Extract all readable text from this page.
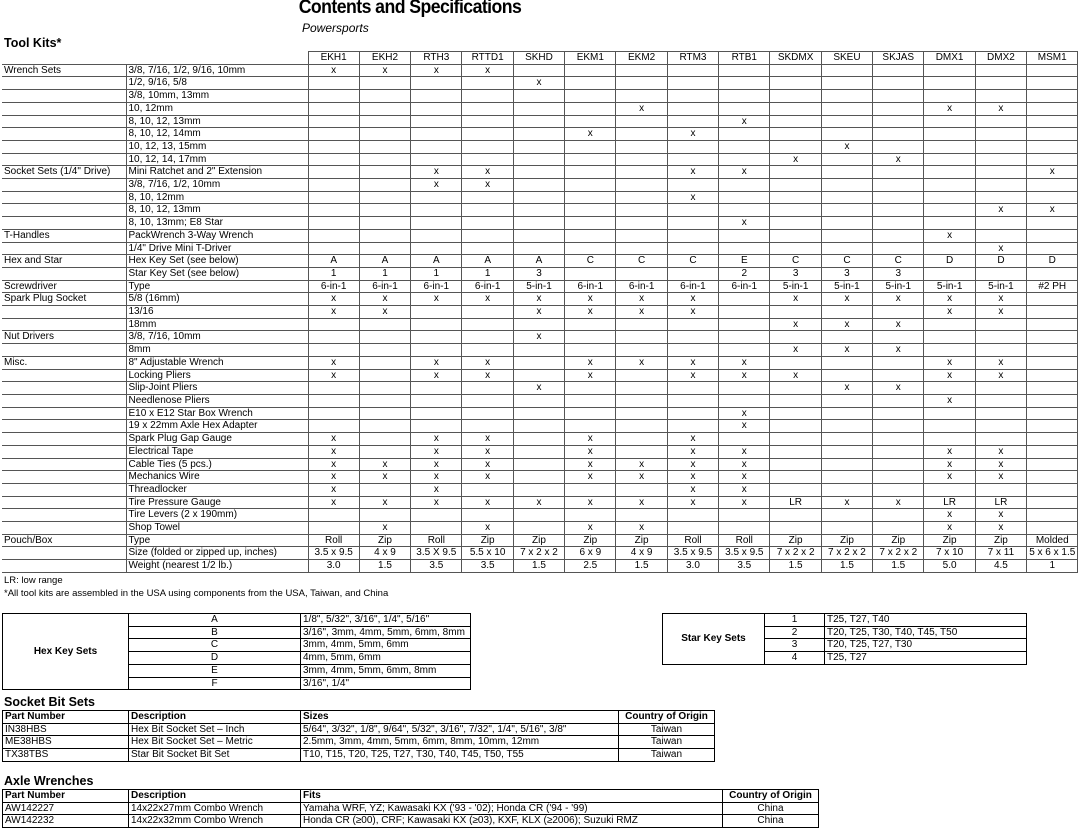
Contents and Specifications
Powersports
Tool Kits*
		EKH1	EKH2	RTH3	RTTD1	SKHD	EKM1	EKM2	RTM3	RTB1	SKDMX	SKEU	SKJAS	DMX1	DMX2	MSM1
Wrench Sets	3/8, 7/16, 1/2, 9/16, 10mm	x	x	x	x											
	1/2, 9/16, 5/8					x										
	3/8, 10mm, 13mm															
	10, 12mm							x						x	x	
	8, 10, 12, 13mm									x						
	8, 10, 12, 14mm						x		x							
	10, 12, 13, 15mm											x				
	10, 12, 14, 17mm										x		x			
Socket Sets (1/4" Drive)	Mini Ratchet and 2" Extension			x	x				x	x						x
	3/8, 7/16, 1/2, 10mm			x	x											
	8, 10, 12mm								x							
	8, 10, 12, 13mm														x	x
	8, 10, 13mm; E8 Star									x						
T-Handles	PackWrench 3-Way Wrench													x		
	1/4" Drive Mini T-Driver														x	
Hex and Star	Hex Key Set (see below)	A	A	A	A	A	C	C	C	E	C	C	C	D	D	D
	Star Key Set (see below)	1	1	1	1	3				2	3	3	3			
Screwdriver	Type	6-in-1	6-in-1	6-in-1	6-in-1	5-in-1	6-in-1	6-in-1	6-in-1	6-in-1	5-in-1	5-in-1	5-in-1	5-in-1	5-in-1	#2 PH
Spark Plug Socket	5/8 (16mm)	x	x	x	x	x	x	x	x		x	x	x	x	x	
	13/16	x	x			x	x	x	x					x	x	
	18mm										x	x	x			
Nut Drivers	3/8, 7/16, 10mm					x										
	8mm										x	x	x			
Misc.	8" Adjustable Wrench	x		x	x		x	x	x	x				x	x	
	Locking Pliers	x		x	x		x		x	x	x			x	x	
	Slip-Joint Pliers					x						x	x			
	Needlenose Pliers													x		
	E10 x E12 Star Box Wrench									x						
	19 x 22mm Axle Hex Adapter									x						
	Spark Plug Gap Gauge	x		x	x		x		x							
	Electrical Tape	x		x	x		x		x	x				x	x	
	Cable Ties (5 pcs.)	x	x	x	x		x	x	x	x				x	x	
	Mechanics Wire	x	x	x	x		x	x	x	x				x	x	
	Threadlocker	x		x					x	x						
	Tire Pressure Gauge	x	x	x	x	x	x	x	x	x	LR	x	x	LR	LR	
	Tire Levers (2 x 190mm)													x	x	
	Shop Towel		x		x		x	x						x	x	
Pouch/Box	Type	Roll	Zip	Roll	Zip	Zip	Zip	Zip	Roll	Roll	Zip	Zip	Zip	Zip	Zip	Molded
	Size (folded or zipped up, inches)	3.5 x 9.5	4 x 9	3.5 X 9.5	5.5 x 10	7 x 2 x 2	6 x 9	4 x 9	3.5 x 9.5	3.5 x 9.5	7 x 2 x 2	7 x 2 x 2	7 x 2 x 2	7 x 10	7 x 11	5 x 6 x 1.5
	Weight (nearest 1/2 lb.)	3.0	1.5	3.5	3.5	1.5	2.5	1.5	3.0	3.5	1.5	1.5	1.5	5.0	4.5	1
LR: low range
*All tool kits are assembled in the USA using components from the USA, Taiwan, and China
Hex Key Sets	A	1/8", 5/32", 3/16", 1/4", 5/16"
	B	3/16", 3mm, 4mm, 5mm, 6mm, 8mm
	C	3mm, 4mm, 5mm, 6mm
	D	4mm, 5mm, 6mm
	E	3mm, 4mm, 5mm, 6mm, 8mm
	F	3/16", 1/4"
Star Key Sets	1	T25, T27, T40
	2	T20, T25, T30, T40, T45, T50
	3	T20, T25, T27, T30
	4	T25, T27
Socket Bit Sets
Part Number	Description	Sizes	Country of Origin
IN38HBS	Hex Bit Socket Set – Inch	5/64", 3/32", 1/8", 9/64", 5/32", 3/16", 7/32", 1/4", 5/16", 3/8"	Taiwan
ME38HBS	Hex Bit Socket Set – Metric	2.5mm, 3mm, 4mm, 5mm, 6mm, 8mm, 10mm, 12mm	Taiwan
TX38TBS	Star Bit Socket Bit Set	T10, T15, T20, T25, T27, T30, T40, T45, T50, T55	Taiwan
Axle Wrenches
Part Number	Description	Fits	Country of Origin
AW142227	14x22x27mm Combo Wrench	Yamaha WRF, YZ; Kawasaki KX ('93 - '02); Honda CR ('94 - '99)	China
AW142232	14x22x32mm Combo Wrench	Honda CR (≥00), CRF; Kawasaki KX (≥03), KXF, KLX (≥2006); Suzuki RMZ	China
